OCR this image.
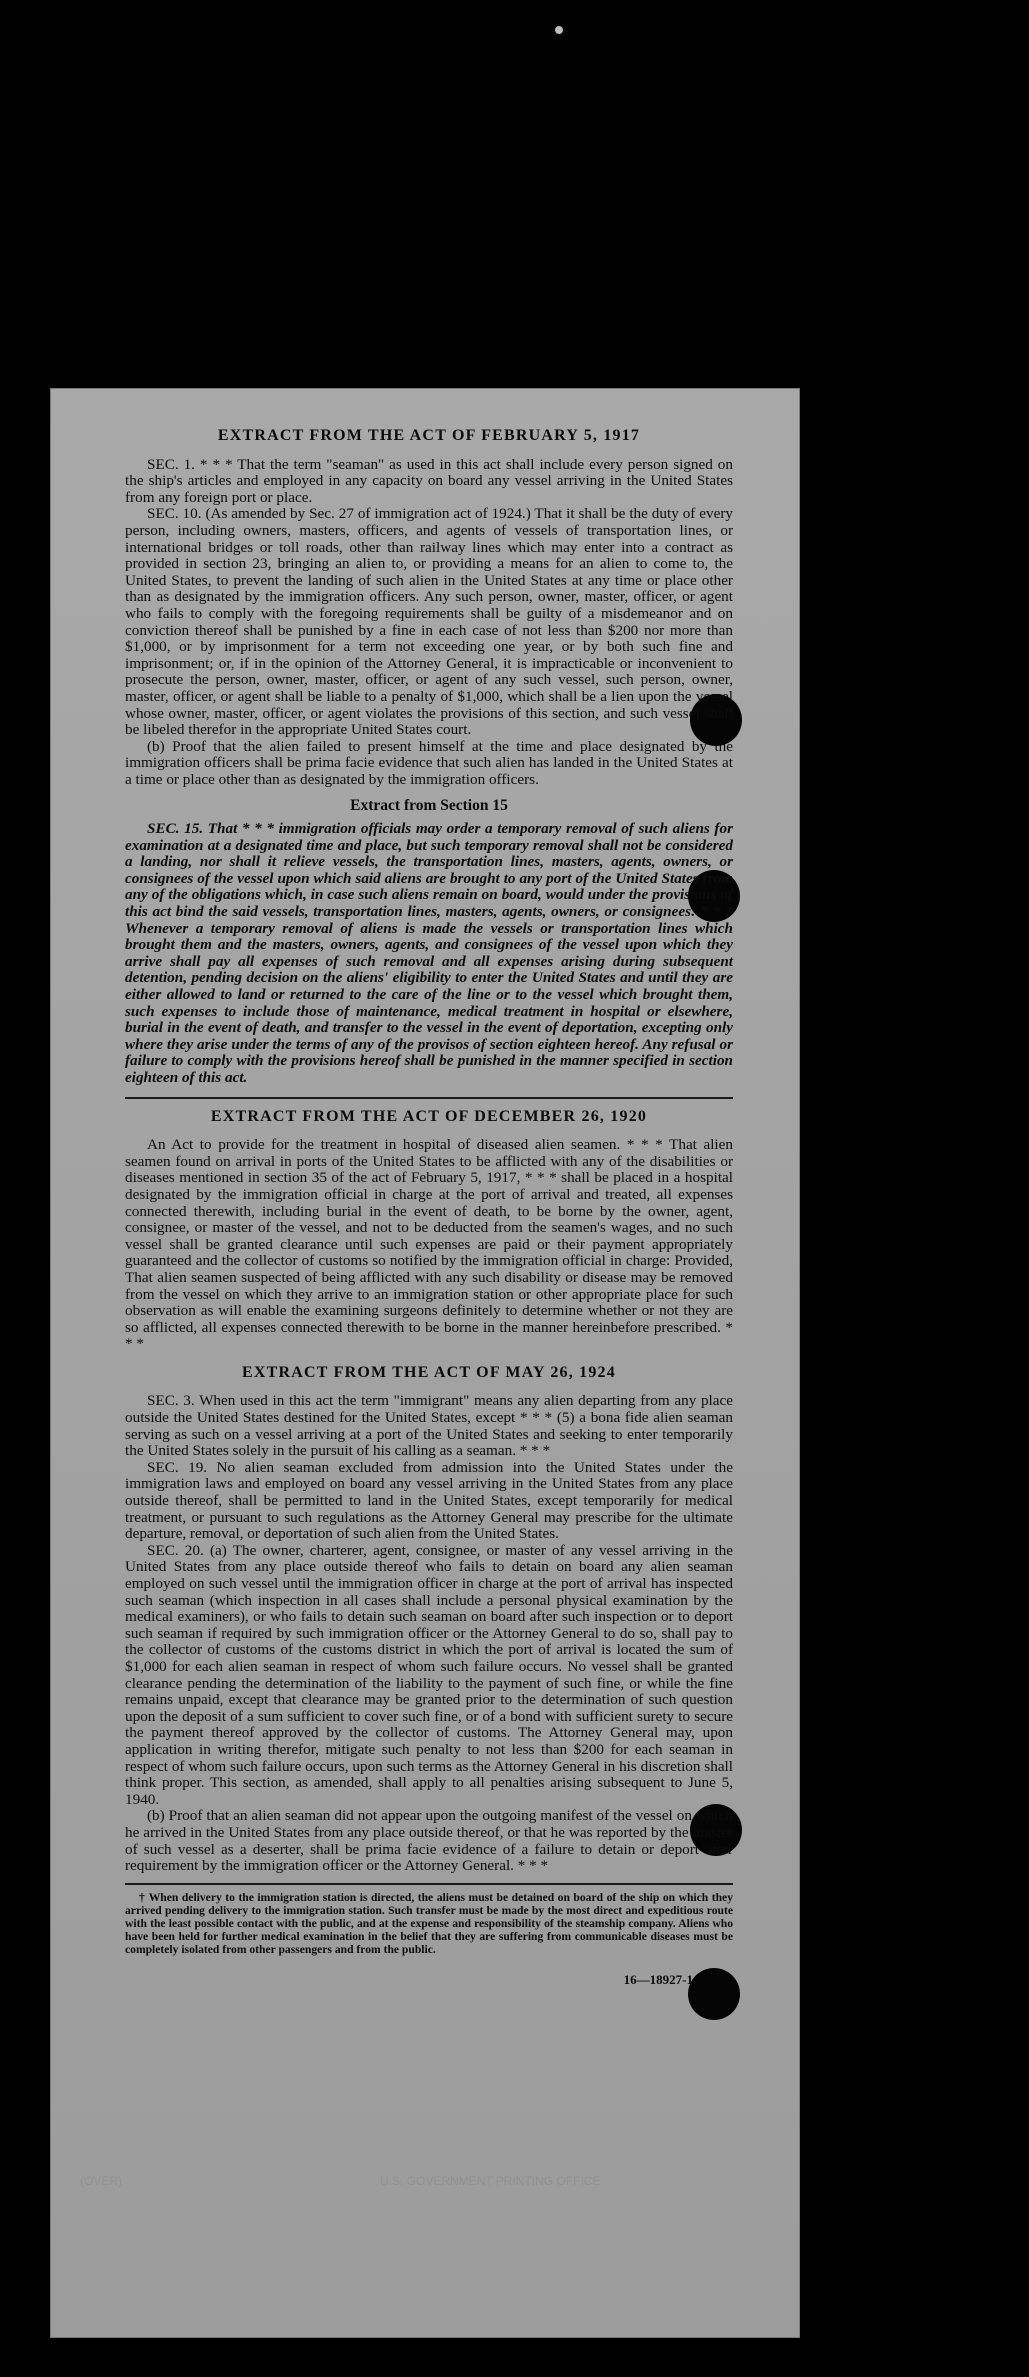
EXTRACT FROM THE ACT OF FEBRUARY 5, 1917

SEC. 1. * * * That the term "seaman" as used in this act shall include every person signed on the ship's articles and employed in any capacity on board any vessel arriving in the United States from any foreign port or place.

SEC. 10. (As amended by Sec. 27 of immigration act of 1924.) That it shall be the duty of every person, including owners, masters, officers, and agents of vessels of transportation lines, or international bridges or toll roads, other than railway lines which may enter into a contract as provided in section 23, bringing an alien to, or providing a means for an alien to come to, the United States, to prevent the landing of such alien in the United States at any time or place other than as designated by the immigration officers. Any such person, owner, master, officer, or agent who fails to comply with the foregoing requirements shall be guilty of a misdemeanor and on conviction thereof shall be punished by a fine in each case of not less than $200 nor more than $1,000, or by imprisonment for a term not exceeding one year, or by both such fine and imprisonment; or, if in the opinion of the Attorney General, it is impracticable or inconvenient to prosecute the person, owner, master, officer, or agent of any such vessel, such person, owner, master, officer, or agent shall be liable to a penalty of $1,000, which shall be a lien upon the vessel whose owner, master, officer, or agent violates the provisions of this section, and such vessel shall be libeled therefor in the appropriate United States court.

(b) Proof that the alien failed to present himself at the time and place designated by the immigration officers shall be prima facie evidence that such alien has landed in the United States at a time or place other than as designated by the immigration officers.

Extract from Section 15

SEC. 15. That * * * immigration officials may order a temporary removal of such aliens for examination at a designated time and place, but such temporary removal shall not be considered a landing, nor shall it relieve vessels, the transportation lines, masters, agents, owners, or consignees of the vessel upon which said aliens are brought to any port of the United States from any of the obligations which, in case such aliens remain on board, would under the provisions of this act bind the said vessels, transportation lines, masters, agents, owners, or consignees: * * * Whenever a temporary removal of aliens is made the vessels or transportation lines which brought them and the masters, owners, agents, and consignees of the vessel upon which they arrive shall pay all expenses of such removal and all expenses arising during subsequent detention, pending decision on the aliens' eligibility to enter the United States and until they are either allowed to land or returned to the care of the line or to the vessel which brought them, such expenses to include those of maintenance, medical treatment in hospital or elsewhere, burial in the event of death, and transfer to the vessel in the event of deportation, excepting only where they arise under the terms of any of the provisos of section eighteen hereof. Any refusal or failure to comply with the provisions hereof shall be punished in the manner specified in section eighteen of this act.

EXTRACT FROM THE ACT OF DECEMBER 26, 1920

An Act to provide for the treatment in hospital of diseased alien seamen. * * * That alien seamen found on arrival in ports of the United States to be afflicted with any of the disabilities or diseases mentioned in section 35 of the act of February 5, 1917, * * * shall be placed in a hospital designated by the immigration official in charge at the port of arrival and treated, all expenses connected therewith, including burial in the event of death, to be borne by the owner, agent, consignee, or master of the vessel, and not to be deducted from the seamen's wages, and no such vessel shall be granted clearance until such expenses are paid or their payment appropriately guaranteed and the collector of customs so notified by the immigration official in charge: Provided, That alien seamen suspected of being afflicted with any such disability or disease may be removed from the vessel on which they arrive to an immigration station or other appropriate place for such observation as will enable the examining surgeons definitely to determine whether or not they are so afflicted, all expenses connected therewith to be borne in the manner hereinbefore prescribed. * * *

EXTRACT FROM THE ACT OF MAY 26, 1924

SEC. 3. When used in this act the term "immigrant" means any alien departing from any place outside the United States destined for the United States, except * * * (5) a bona fide alien seaman serving as such on a vessel arriving at a port of the United States and seeking to enter temporarily the United States solely in the pursuit of his calling as a seaman. * * *

SEC. 19. No alien seaman excluded from admission into the United States under the immigration laws and employed on board any vessel arriving in the United States from any place outside thereof, shall be permitted to land in the United States, except temporarily for medical treatment, or pursuant to such regulations as the Attorney General may prescribe for the ultimate departure, removal, or deportation of such alien from the United States.

SEC. 20. (a) The owner, charterer, agent, consignee, or master of any vessel arriving in the United States from any place outside thereof who fails to detain on board any alien seaman employed on such vessel until the immigration officer in charge at the port of arrival has inspected such seaman (which inspection in all cases shall include a personal physical examination by the medical examiners), or who fails to detain such seaman on board after such inspection or to deport such seaman if required by such immigration officer or the Attorney General to do so, shall pay to the collector of customs of the customs district in which the port of arrival is located the sum of $1,000 for each alien seaman in respect of whom such failure occurs. No vessel shall be granted clearance pending the determination of the liability to the payment of such fine, or while the fine remains unpaid, except that clearance may be granted prior to the determination of such question upon the deposit of a sum sufficient to cover such fine, or of a bond with sufficient surety to secure the payment thereof approved by the collector of customs. The Attorney General may, upon application in writing therefor, mitigate such penalty to not less than $200 for each seaman in respect of whom such failure occurs, upon such terms as the Attorney General in his discretion shall think proper. This section, as amended, shall apply to all penalties arising subsequent to June 5, 1940.

(b) Proof that an alien seaman did not appear upon the outgoing manifest of the vessel on which he arrived in the United States from any place outside thereof, or that he was reported by the master of such vessel as a deserter, shall be prima facie evidence of a failure to detain or deport after requirement by the immigration officer or the Attorney General. * * *

† When delivery to the immigration station is directed, the aliens must be detained on board of the ship on which they arrived pending delivery to the immigration station. Such transfer must be made by the most direct and expeditious route with the least possible contact with the public, and at the expense and responsibility of the steamship company. Aliens who have been held for further medical examination in the belief that they are suffering from communicable diseases must be completely isolated from other passengers and from the public.

16—18927-1
(OVER)	U.S. GOVERNMENT PRINTING OFFICE
